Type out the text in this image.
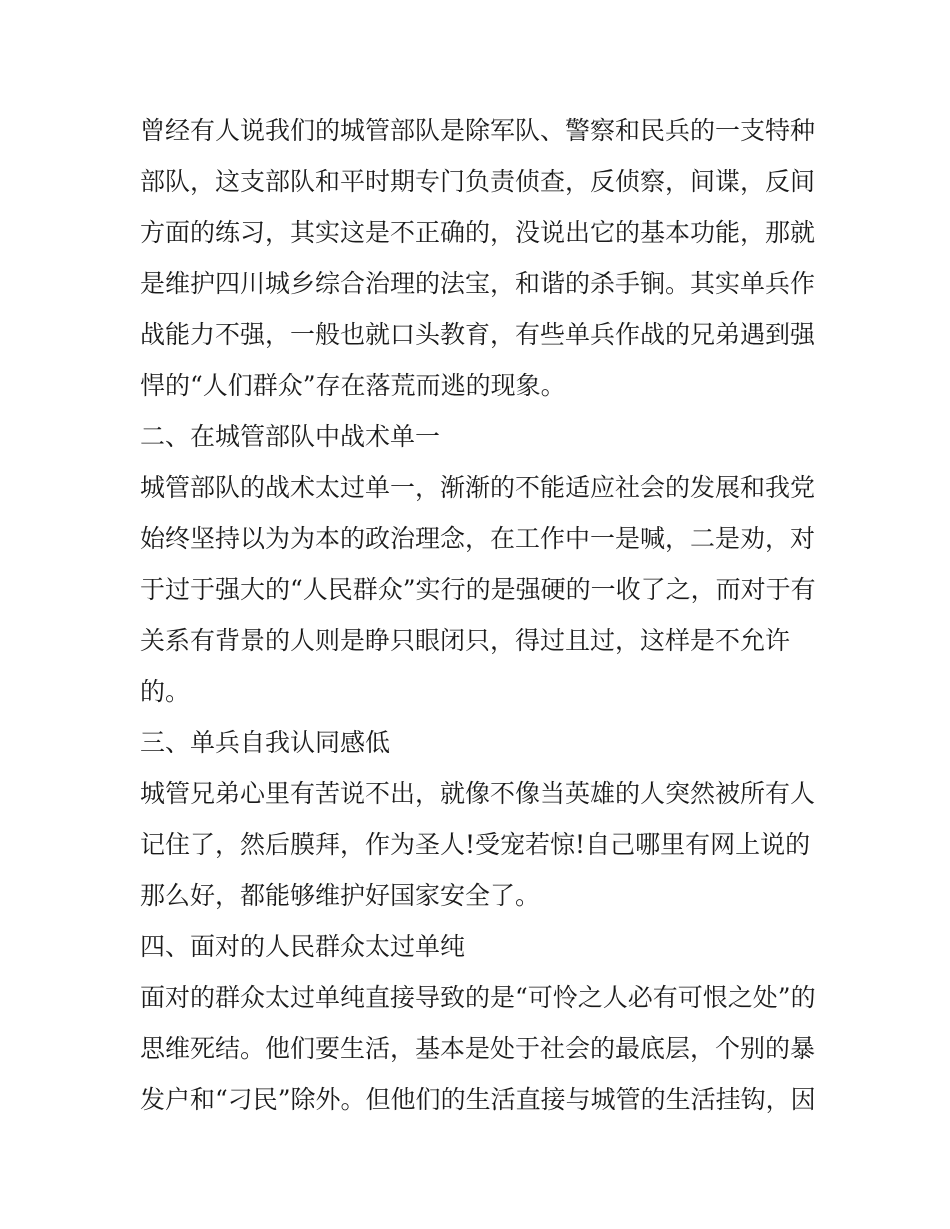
曾经有人说我们的城管部队是除军队、警察和民兵的一支特种
部队，这支部队和平时期专门负责侦查，反侦察，间谍，反间
方面的练习，其实这是不正确的，没说出它的基本功能，那就
是维护四川城乡综合治理的法宝，和谐的杀手锏。其实单兵作
战能力不强，一般也就口头教育，有些单兵作战的兄弟遇到强
悍的“人们群众”存在落荒而逃的现象。
二、在城管部队中战术单一
城管部队的战术太过单一，渐渐的不能适应社会的发展和我党
始终坚持以为为本的政治理念，在工作中一是喊，二是劝，对
于过于强大的“人民群众”实行的是强硬的一收了之，而对于有
关系有背景的人则是睁只眼闭只，得过且过，这样是不允许
的。
三、单兵自我认同感低
城管兄弟心里有苦说不出，就像不像当英雄的人突然被所有人
记住了，然后膜拜，作为圣人!受宠若惊!自己哪里有网上说的
那么好，都能够维护好国家安全了。
四、面对的人民群众太过单纯
面对的群众太过单纯直接导致的是“可怜之人必有可恨之处”的
思维死结。他们要生活，基本是处于社会的最底层，个别的暴
发户和“刁民”除外。但他们的生活直接与城管的生活挂钩，因
